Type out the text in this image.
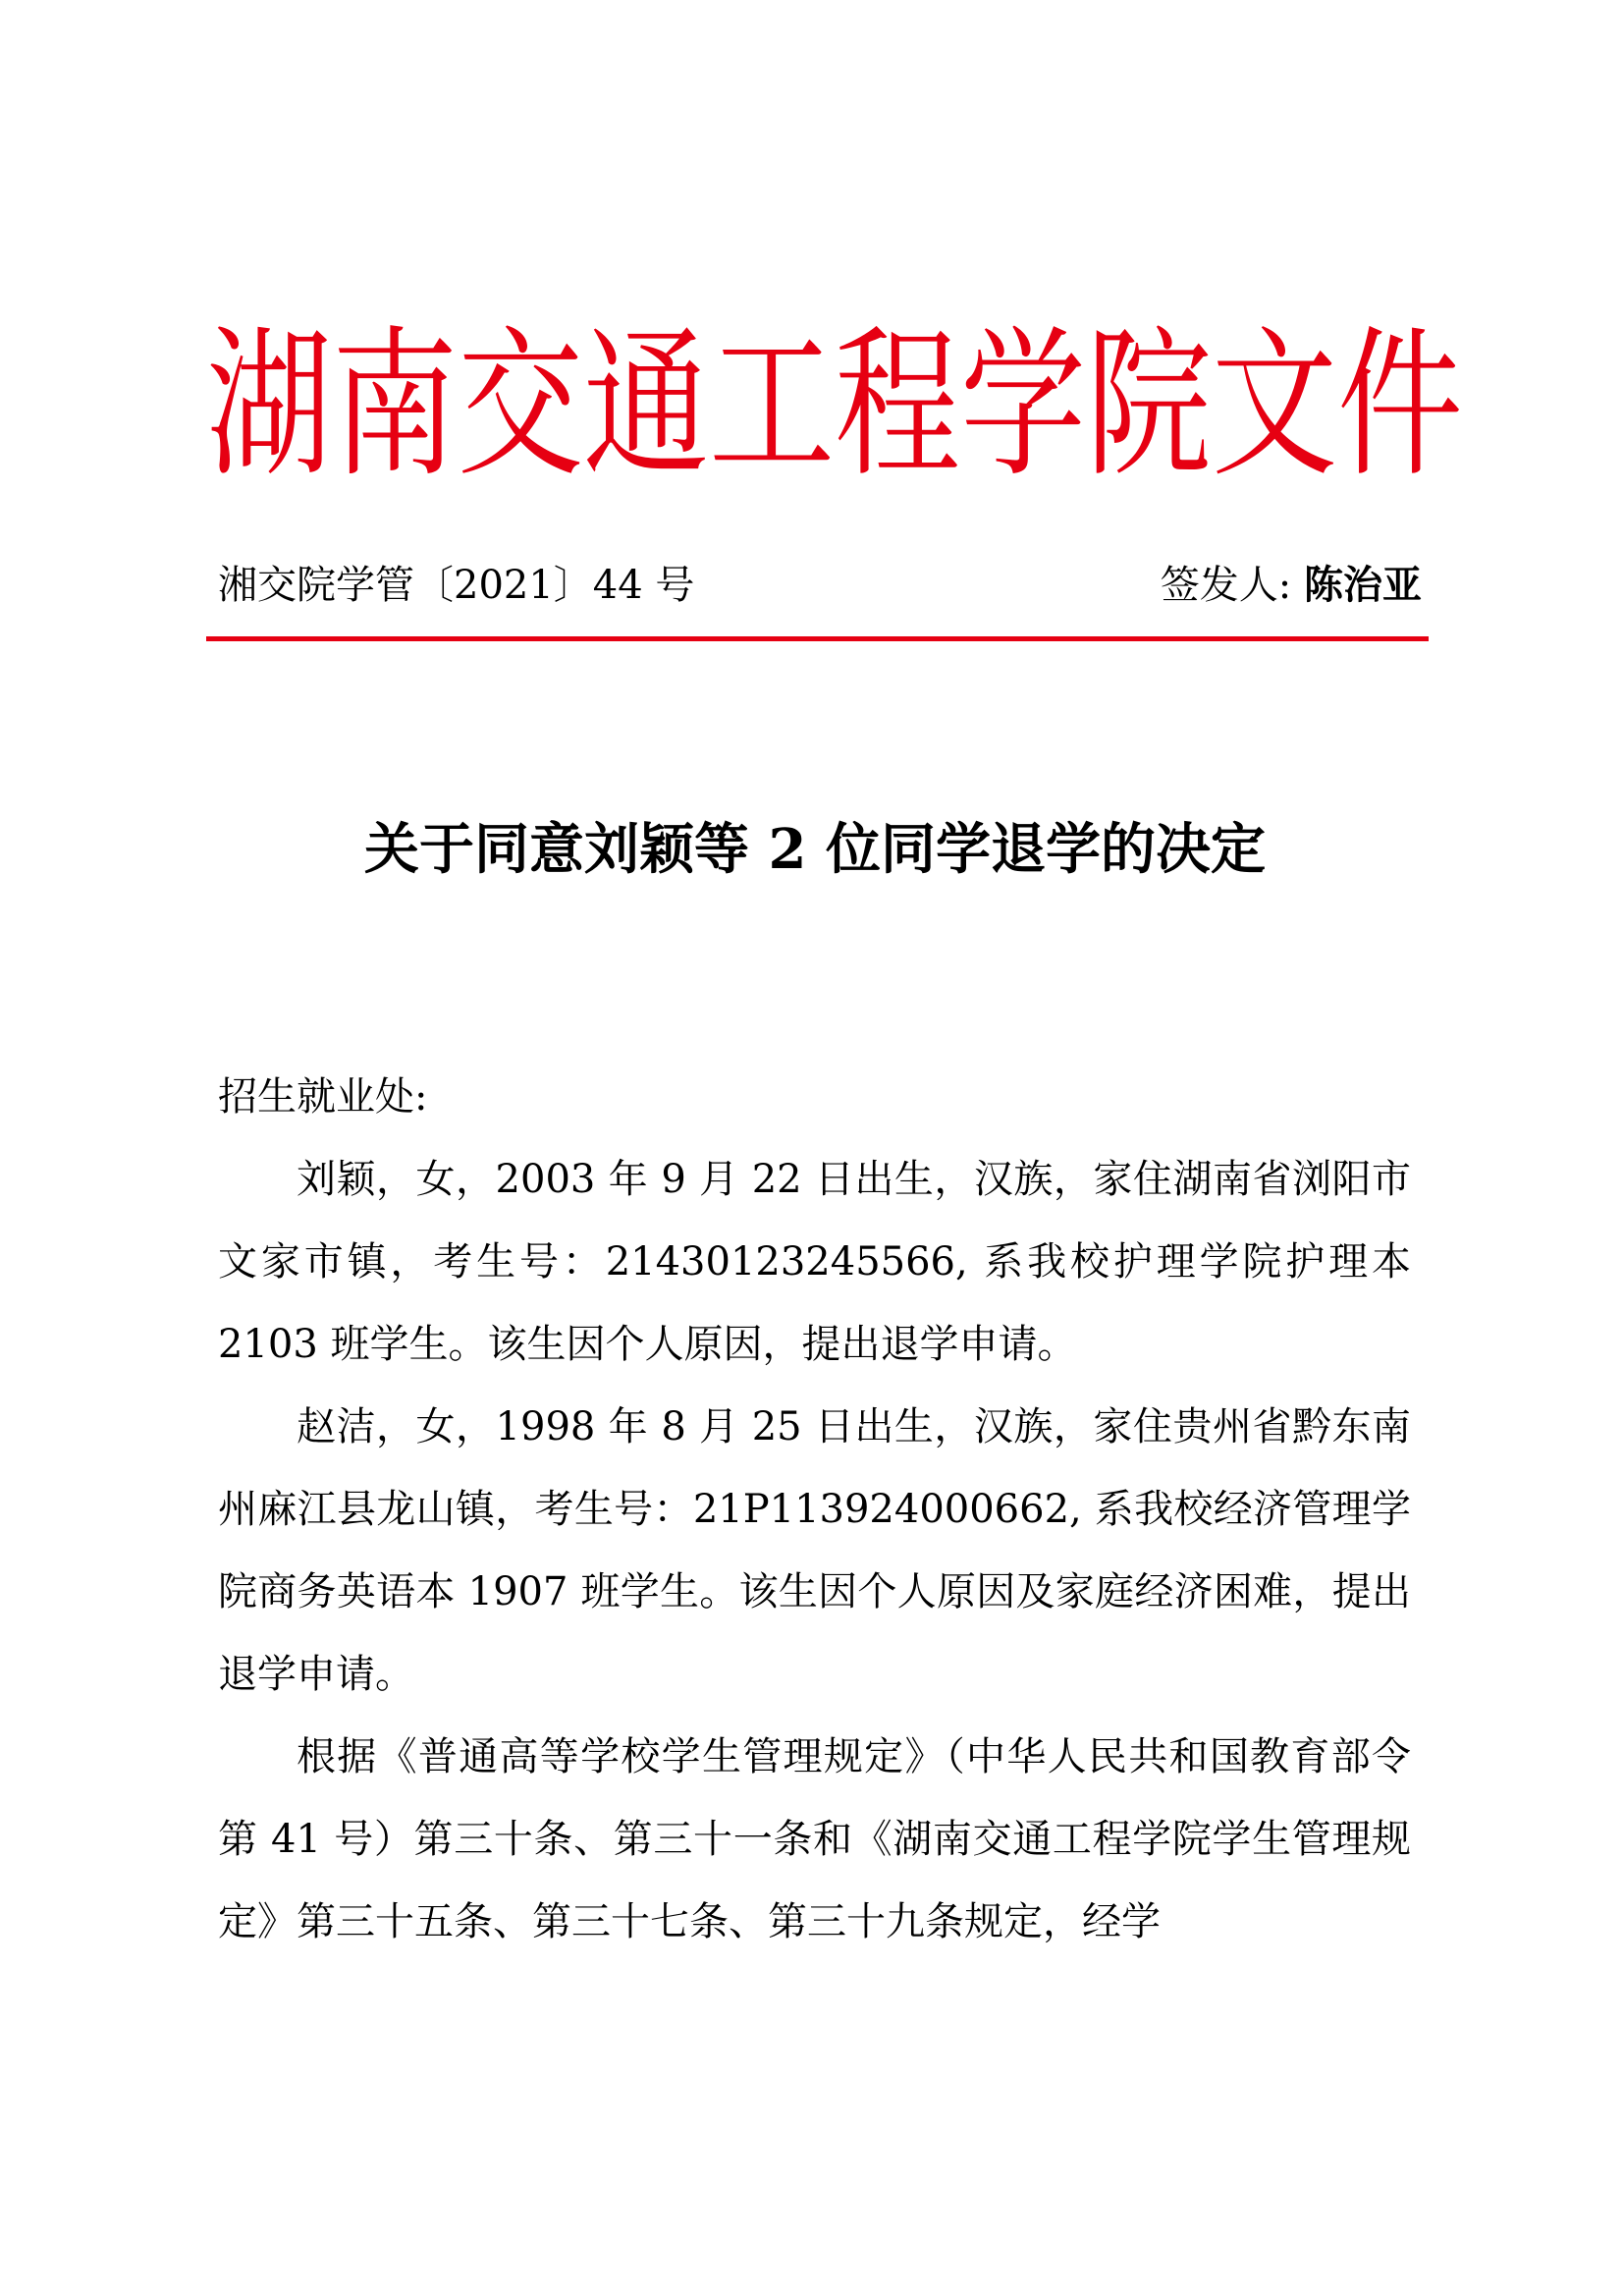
湖南交通工程学院文件
湘交院学管〔2021〕44 号	签发人: 陈治亚
关于同意刘颖等 2 位同学退学的决定

招生就业处:

刘颖，女，2003 年 9 月 22 日出生，汉族，家住湖南省浏阳市文家市镇，考生号：21430123245566, 系我校护理学院护理本 2103 班学生。该生因个人原因，提出退学申请。

赵洁，女，1998 年 8 月 25 日出生，汉族，家住贵州省黔东南州麻江县龙山镇，考生号：21P113924000662, 系我校经济管理学院商务英语本 1907 班学生。该生因个人原因及家庭经济困难，提出退学申请。

根据《普通高等学校学生管理规定》（中华人民共和国教育部令第 41 号）第三十条、第三十一条和《湖南交通工程学院学生管理规定》第三十五条、第三十七条、第三十九条规定，经学
